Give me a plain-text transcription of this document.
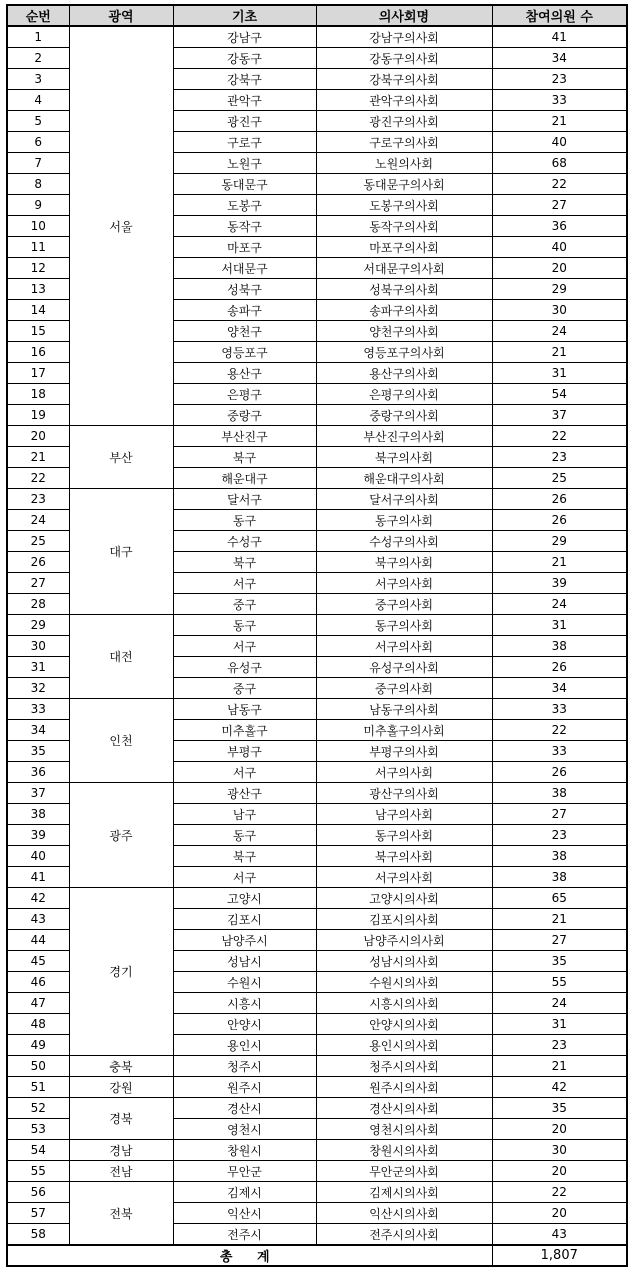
순번	광역	기초	의사회명	참여의원 수
1	서울	강남구	강남구의사회	41
2		강동구	강동구의사회	34
3		강북구	강북구의사회	23
4		관악구	관악구의사회	33
5		광진구	광진구의사회	21
6		구로구	구로구의사회	40
7		노원구	노원의사회	68
8		동대문구	동대문구의사회	22
9		도봉구	도봉구의사회	27
10		동작구	동작구의사회	36
11		마포구	마포구의사회	40
12		서대문구	서대문구의사회	20
13		성북구	성북구의사회	29
14		송파구	송파구의사회	30
15		양천구	양천구의사회	24
16		영등포구	영등포구의사회	21
17		용산구	용산구의사회	31
18		은평구	은평구의사회	54
19		중랑구	중랑구의사회	37
20	부산	부산진구	부산진구의사회	22
21		북구	북구의사회	23
22		해운대구	해운대구의사회	25
23	대구	달서구	달서구의사회	26
24		동구	동구의사회	26
25		수성구	수성구의사회	29
26		북구	북구의사회	21
27		서구	서구의사회	39
28		중구	중구의사회	24
29	대전	동구	동구의사회	31
30		서구	서구의사회	38
31		유성구	유성구의사회	26
32		중구	중구의사회	34
33	인천	남동구	남동구의사회	33
34		미추홀구	미추홀구의사회	22
35		부평구	부평구의사회	33
36		서구	서구의사회	26
37	광주	광산구	광산구의사회	38
38		남구	남구의사회	27
39		동구	동구의사회	23
40		북구	북구의사회	38
41		서구	서구의사회	38
42	경기	고양시	고양시의사회	65
43		김포시	김포시의사회	21
44		남양주시	남양주시의사회	27
45		성남시	성남시의사회	35
46		수원시	수원시의사회	55
47		시흥시	시흥시의사회	24
48		안양시	안양시의사회	31
49		용인시	용인시의사회	23
50	충북	청주시	청주시의사회	21
51	강원	원주시	원주시의사회	42
52	경북	경산시	경산시의사회	35
53		영천시	영천시의사회	20
54	경남	창원시	창원시의사회	30
55	전남	무안군	무안군의사회	20
56	전북	김제시	김제시의사회	22
57		익산시	익산시의사회	20
58		전주시	전주시의사회	43
총 계				1,807
